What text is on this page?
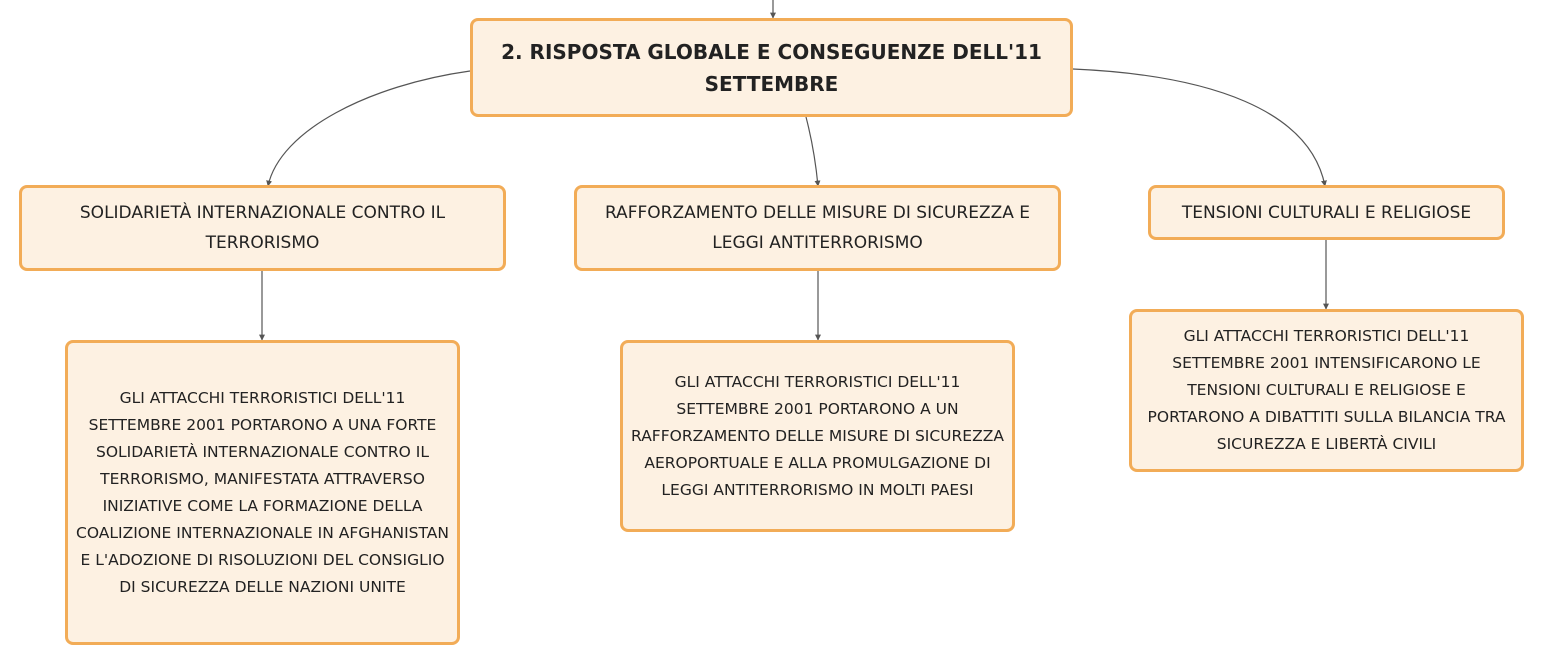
2. RISPOSTA GLOBALE E CONSEGUENZE DELL'11 SETTEMBRE
SOLIDARIETÀ INTERNAZIONALE CONTRO IL TERRORISMO
RAFFORZAMENTO DELLE MISURE DI SICUREZZA E LEGGI ANTITERRORISMO
TENSIONI CULTURALI E RELIGIOSE
GLI ATTACCHI TERRORISTICI DELL'11 SETTEMBRE 2001 PORTARONO A UNA FORTE SOLIDARIETÀ INTERNAZIONALE CONTRO IL TERRORISMO, MANIFESTATA ATTRAVERSO INIZIATIVE COME LA FORMAZIONE DELLA COALIZIONE INTERNAZIONALE IN AFGHANISTAN E L'ADOZIONE DI RISOLUZIONI DEL CONSIGLIO DI SICUREZZA DELLE NAZIONI UNITE
GLI ATTACCHI TERRORISTICI DELL'11 SETTEMBRE 2001 PORTARONO A UN RAFFORZAMENTO DELLE MISURE DI SICUREZZA AEROPORTUALE E ALLA PROMULGAZIONE DI LEGGI ANTITERRORISMO IN MOLTI PAESI
GLI ATTACCHI TERRORISTICI DELL'11 SETTEMBRE 2001 INTENSIFICARONO LE TENSIONI CULTURALI E RELIGIOSE E PORTARONO A DIBATTITI SULLA BILANCIA TRA SICUREZZA E LIBERTÀ CIVILI
